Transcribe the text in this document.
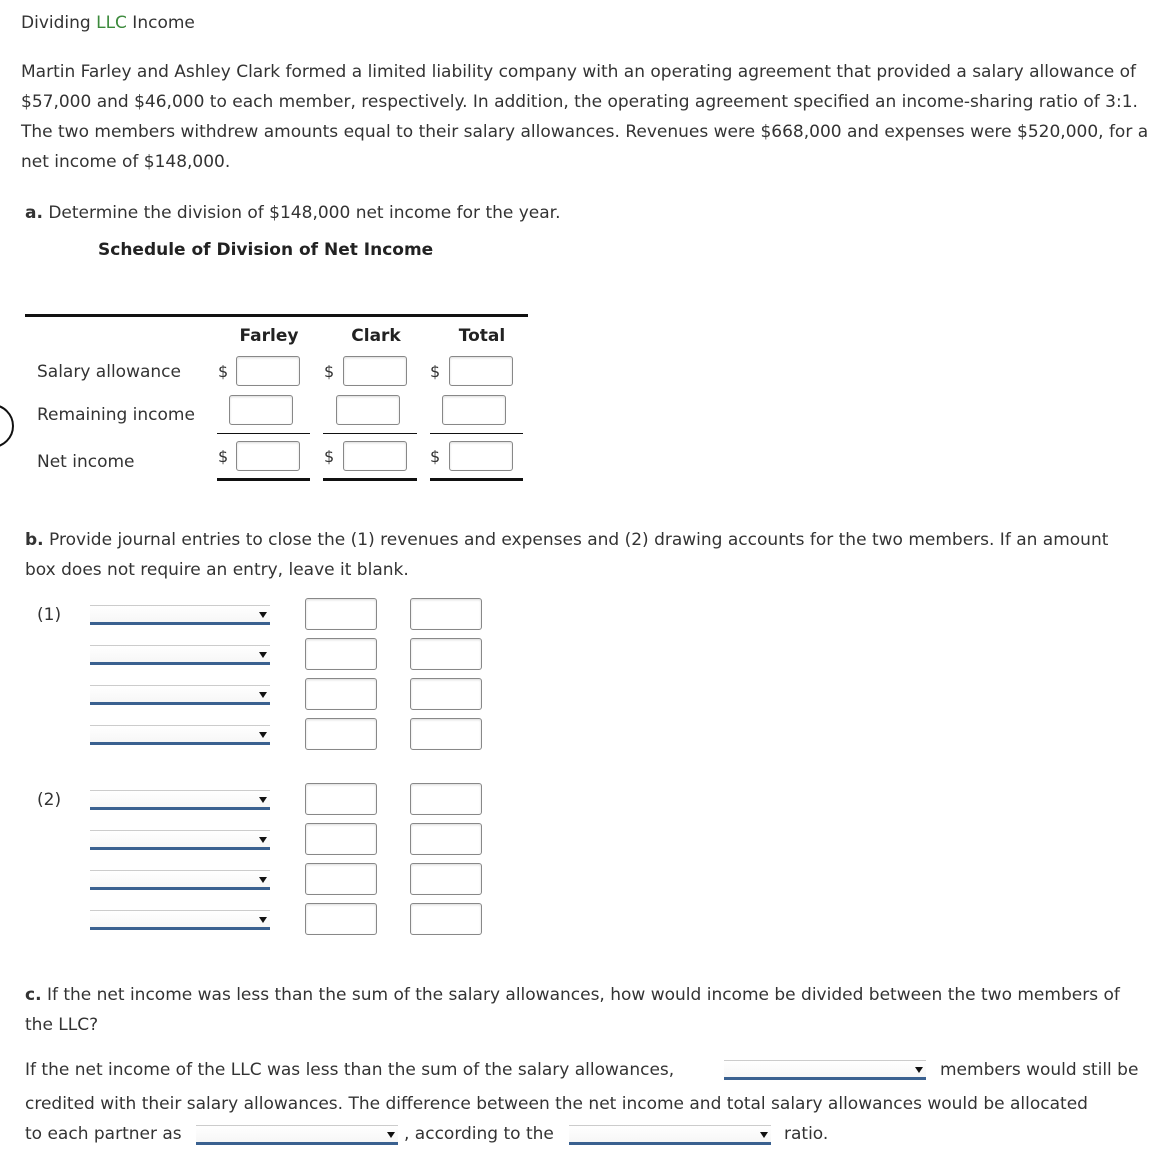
Dividing LLC Income
Martin Farley and Ashley Clark formed a limited liability company with an operating agreement that provided a salary allowance of $57,000 and $46,000 to each member, respectively. In addition, the operating agreement specified an income-sharing ratio of 3:1. The two members withdrew amounts equal to their salary allowances. Revenues were $668,000 and expenses were $520,000, for a net income of $148,000.
a. Determine the division of $148,000 net income for the year.
Schedule of Division of Net Income
Farley	Clark	Total
Salary allowance $	$	$
Remaining income
Net income	$	$	$
b. Provide journal entries to close the (1) revenues and expenses and (2) drawing accounts for the two members. If an amount box does not require an entry, leave it blank.
(1)
(2)
c. If the net income was less than the sum of the salary allowances, how would income be divided between the two members of the LLC?
If the net income of the LLC was less than the sum of the salary allowances,	members would still be
credited with their salary allowances. The difference between the net income and total salary allowances would be allocated
to each partner as	, according to the	ratio.
